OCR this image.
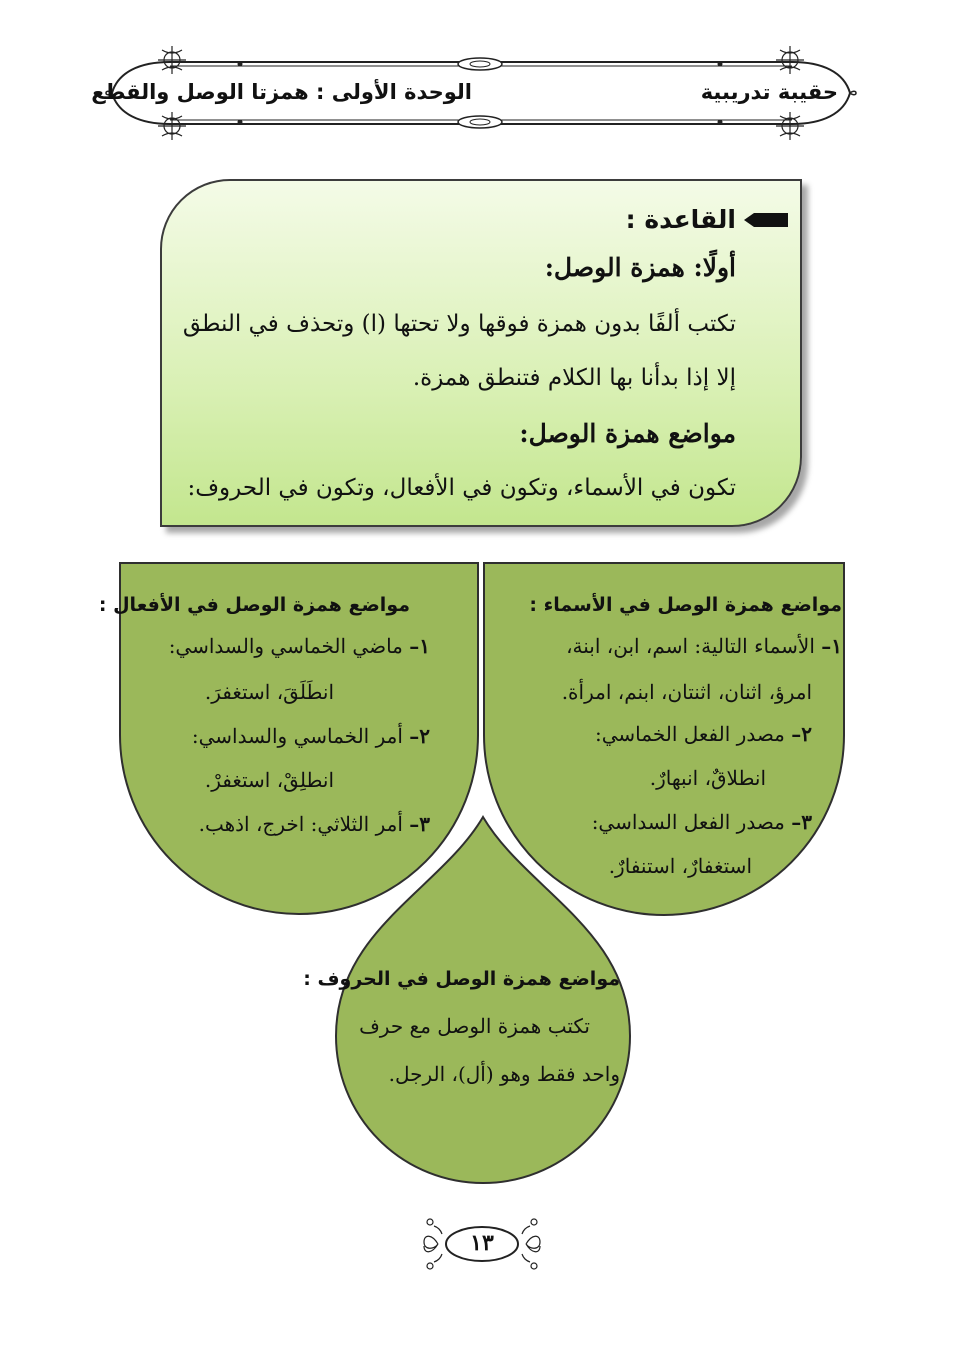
حقيبة تدريبية
الوحدة الأولى : همزتا الوصل والقطع
القاعدة :
أولًا: همزة الوصل:
تكتب ألفًا بدون همزة فوقها ولا تحتها (ا) وتحذف في النطق
إلا إذا بدأنا بها الكلام فتنطق همزة.
مواضع همزة الوصل:
تكون في الأسماء، وتكون في الأفعال، وتكون في الحروف:
مواضع همزة الوصل في الأفعال :
١– ماضي الخماسي والسداسي:
انطَلَقَ، استغفرَ.
٢– أمر الخماسي والسداسي:
انطلِقْ، استغفرْ.
٣– أمر الثلاثي: اخرج، اذهب.
مواضع همزة الوصل في الأسماء :
١– الأسماء التالية: اسم، ابن، ابنة،
امرؤ، اثنان، اثنتان، ابنم، امرأة.
٢– مصدر الفعل الخماسي:
انطلاقٌ، انبهارٌ.
٣– مصدر الفعل السداسي:
استغفارٌ، استنفارٌ.
مواضع همزة الوصل في الحروف :
تكتب همزة الوصل مع حرف
واحد فقط وهو (أل)، الرجل.
١٣
